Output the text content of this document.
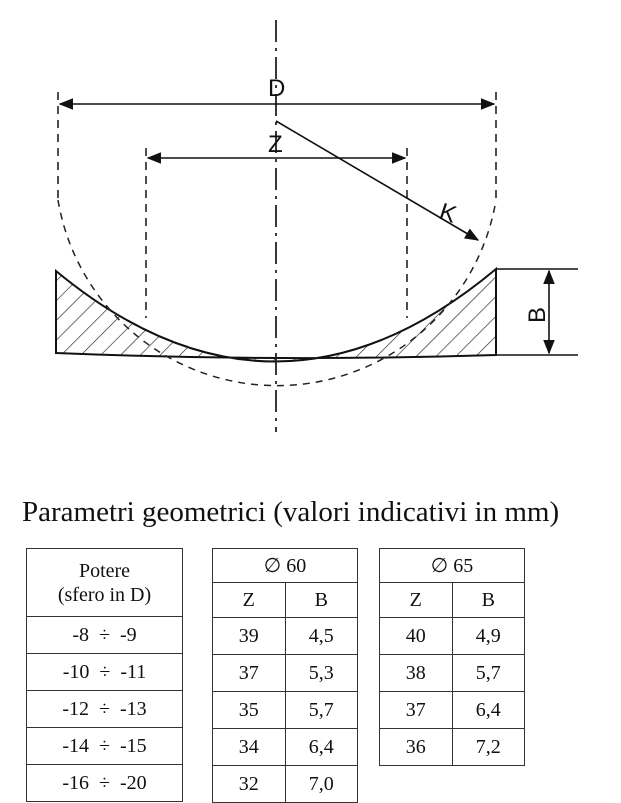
D
Z
K
B
Parametri geometrici (valori indicativi in mm)
Potere
(sfero in D)
-8 ÷ -9
-10 ÷ -11
-12 ÷ -13
-14 ÷ -15
-16 ÷ -20
∅ 60	
Z	B
39	4,5
37	5,3
35	5,7
34	6,4
32	7,0
∅ 65	
Z	B
40	4,9
38	5,7
37	6,4
36	7,2
